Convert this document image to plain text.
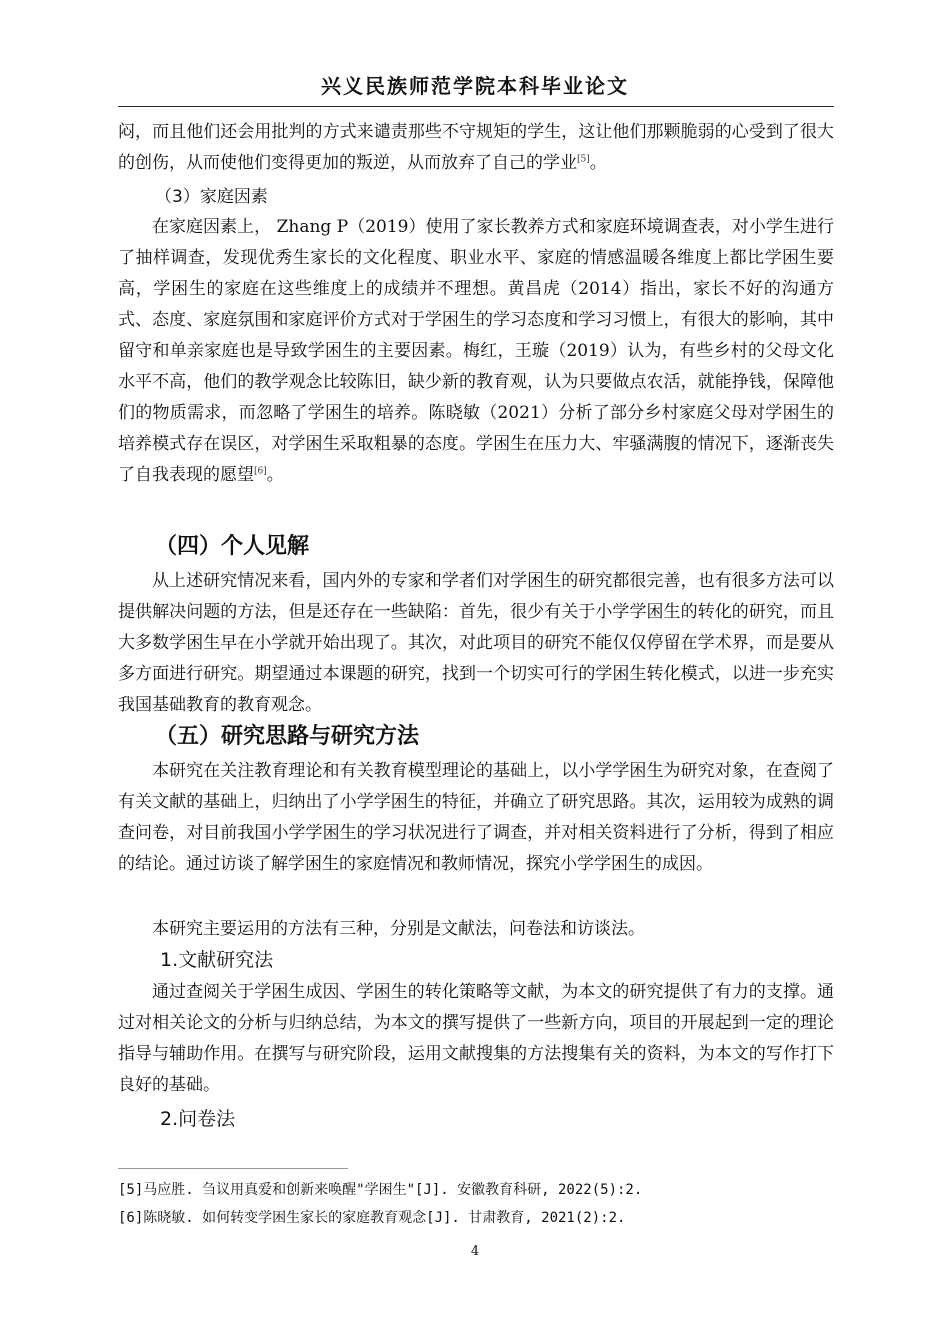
兴义民族师范学院本科毕业论文
闷，而且他们还会用批判的方式来谴责那些不守规矩的学生，这让他们那颗脆弱的心受到了很大的创伤，从而使他们变得更加的叛逆，从而放弃了自己的学业[5]。
（3）家庭因素
在家庭因素上， Zhang P（2019）使用了家长教养方式和家庭环境调查表，对小学生进行了抽样调查，发现优秀生家长的文化程度、职业水平、家庭的情感温暖各维度上都比学困生要高，学困生的家庭在这些维度上的成绩并不理想。黄昌虎（2014）指出，家长不好的沟通方式、态度、家庭氛围和家庭评价方式对于学困生的学习态度和学习习惯上，有很大的影响，其中留守和单亲家庭也是导致学困生的主要因素。梅红，王璇（2019）认为，有些乡村的父母文化水平不高，他们的教学观念比较陈旧，缺少新的教育观，认为只要做点农活，就能挣钱，保障他们的物质需求，而忽略了学困生的培养。陈晓敏（2021）分析了部分乡村家庭父母对学困生的培养模式存在误区，对学困生采取粗暴的态度。学困生在压力大、牢骚满腹的情况下，逐渐丧失了自我表现的愿望[6]。
（四）个人见解
从上述研究情况来看，国内外的专家和学者们对学困生的研究都很完善，也有很多方法可以提供解决问题的方法，但是还存在一些缺陷：首先，很少有关于小学学困生的转化的研究，而且大多数学困生早在小学就开始出现了。其次，对此项目的研究不能仅仅停留在学术界，而是要从多方面进行研究。期望通过本课题的研究，找到一个切实可行的学困生转化模式，以进一步充实我国基础教育的教育观念。
（五）研究思路与研究方法
本研究在关注教育理论和有关教育模型理论的基础上，以小学学困生为研究对象，在查阅了有关文献的基础上，归纳出了小学学困生的特征，并确立了研究思路。其次，运用较为成熟的调查问卷，对目前我国小学学困生的学习状况进行了调查，并对相关资料进行了分析，得到了相应的结论。通过访谈了解学困生的家庭情况和教师情况，探究小学学困生的成因。
本研究主要运用的方法有三种，分别是文献法，问卷法和访谈法。
1.文献研究法
通过查阅关于学困生成因、学困生的转化策略等文献，为本文的研究提供了有力的支撑。通过对相关论文的分析与归纳总结，为本文的撰写提供了一些新方向，项目的开展起到一定的理论指导与辅助作用。在撰写与研究阶段，运用文献搜集的方法搜集有关的资料，为本文的写作打下良好的基础。
2.问卷法
[5]马应胜. 刍议用真爱和创新来唤醒"学困生"[J]. 安徽教育科研, 2022(5):2.
[6]陈晓敏. 如何转变学困生家长的家庭教育观念[J]. 甘肃教育, 2021(2):2.
4
